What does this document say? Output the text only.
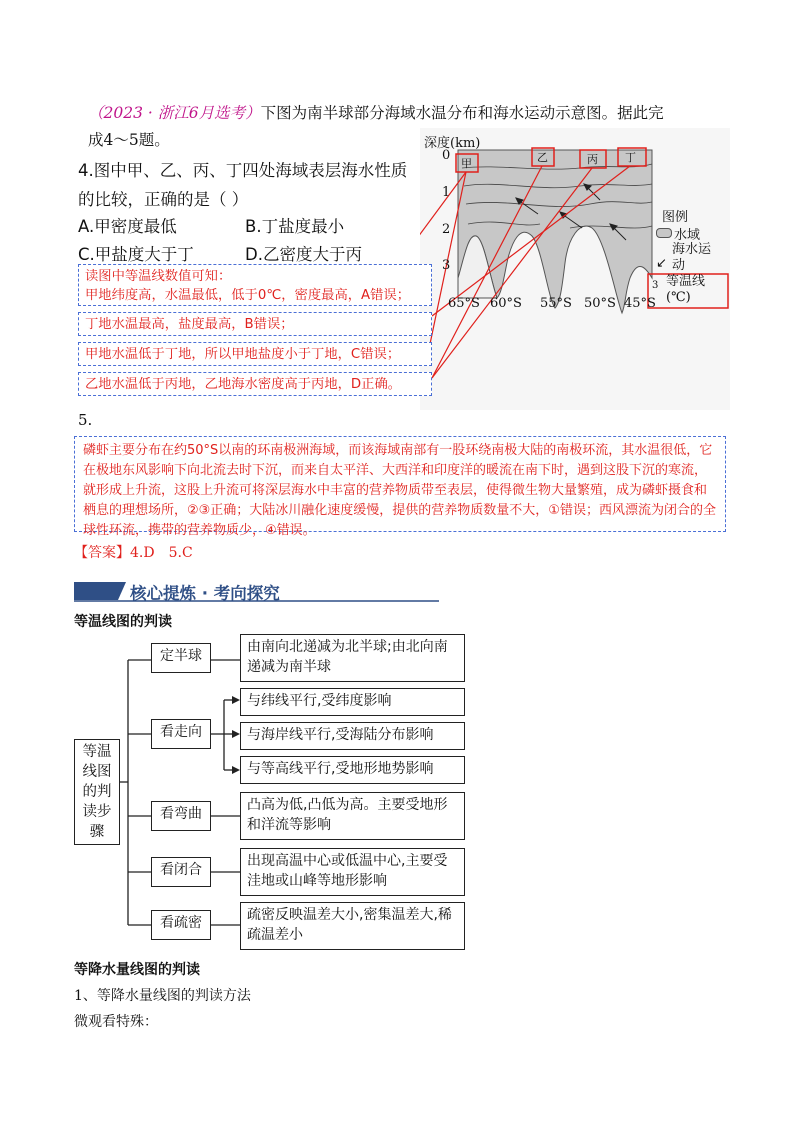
（2023 · 浙江6月选考）下图为南半球部分海域水温分布和海水运动示意图。据此完
成4～5题。
4.图中甲、乙、丙、丁四处海域表层海水性质
的比较，正确的是（ ）
A.甲密度最低	B.丁盐度最小
C.甲盐度大于丁	D.乙密度大于丙
深度(km)
0
1
2
3
65°S 60°S 55°S 50°S 45°S
甲	乙	丙 丁
图例
水域
↙
海水运动
3 等温线(℃)
读图中等温线数值可知：
甲地纬度高，水温最低，低于0℃，密度最高，A错误；
丁地水温最高，盐度最高，B错误；
甲地水温低于丁地，所以甲地盐度小于丁地，C错误；
乙地水温低于丙地，乙地海水密度高于丙地，D正确。
5.
磷虾主要分布在约50°S以南的环南极洲海域，而该海域南部有一股环绕南极大陆的南极环流，其水温很低，它在极地东风影响下向北流去时下沉，而来自太平洋、大西洋和印度洋的暖流在南下时，遇到这股下沉的寒流，就形成上升流，这股上升流可将深层海水中丰富的营养物质带至表层，使得微生物大量繁殖，成为磷虾摄食和栖息的理想场所，②③正确；大陆冰川融化速度缓慢，提供的营养物质数量不大，①错误；西风漂流为闭合的全球性环流，携带的营养物质少，④错误。
【答案】4.D　5.C
核心提炼 · 考向探究
等温线图的判读
等温线图的判读步骤
定半球
由南向北递减为北半球;由北向南递减为南半球
看走向
与纬线平行,受纬度影响
与海岸线平行,受海陆分布影响
与等高线平行,受地形地势影响
看弯曲
凸高为低,凸低为高。主要受地形和洋流等影响
看闭合
出现高温中心或低温中心,主要受洼地或山峰等地形影响
看疏密	疏密反映温差大小,密集温差大,稀疏温差小
等降水量线图的判读
1、等降水量线图的判读方法
微观看特殊：
